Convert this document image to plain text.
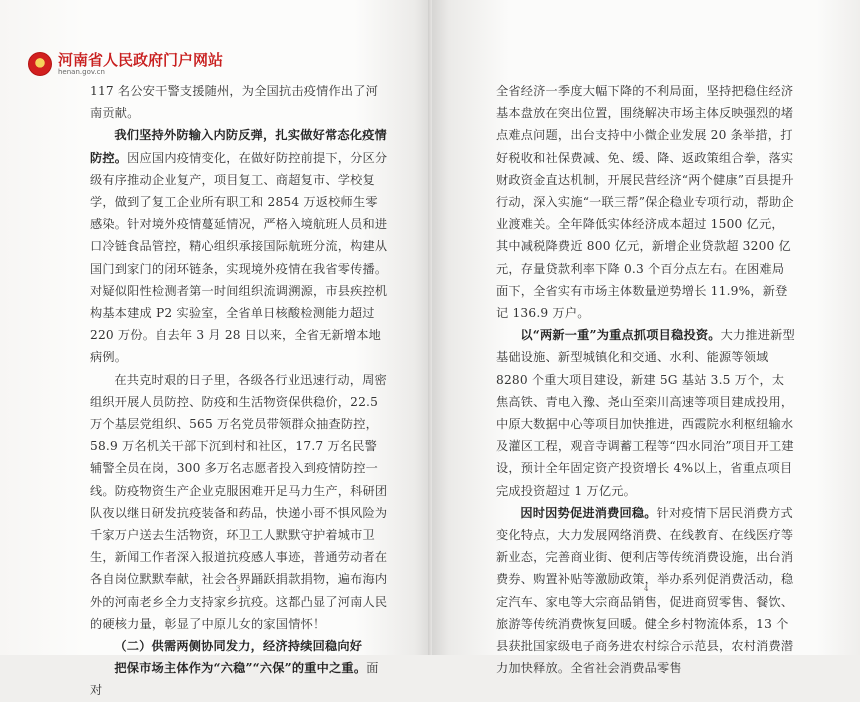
河南省人民政府门户网站
henan.gov.cn

117 名公安干警支援随州，为全国抗击疫情作出了河南贡献。

我们坚持外防输入内防反弹，扎实做好常态化疫情防控。因应国内疫情变化，在做好防控前提下，分区分级有序推动企业复产，项目复工、商超复市、学校复学，做到了复工企业所有职工和 2854 万返校师生零感染。针对境外疫情蔓延情况，严格入境航班人员和进口冷链食品管控，精心组织承接国际航班分流，构建从国门到家门的闭环链条，实现境外疫情在我省零传播。对疑似阳性检测者第一时间组织流调溯源，市县疾控机构基本建成 P2 实验室，全省单日核酸检测能力超过 220 万份。自去年 3 月 28 日以来，全省无新增本地病例。

在共克时艰的日子里，各级各行业迅速行动，周密组织开展人员防控、防疫和生活物资保供稳价，22.5 万个基层党组织、565 万名党员带领群众抽查防控，58.9 万名机关干部下沉到村和社区，17.7 万名民警辅警全员在岗，300 多万名志愿者投入到疫情防控一线。防疫物资生产企业克服困难开足马力生产，科研团队夜以继日研发抗疫装备和药品，快递小哥不惧风险为千家万户送去生活物资，环卫工人默默守护着城市卫生，新闻工作者深入报道抗疫感人事迹，普通劳动者在各自岗位默默奉献，社会各界踊跃捐款捐物，遍布海内外的河南老乡全力支持家乡抗疫。这都凸显了河南人民的硬核力量，彰显了中原儿女的家国情怀！

（二）供需两侧协同发力，经济持续回稳向好

把保市场主体作为“六稳”“六保”的重中之重。面对

3

全省经济一季度大幅下降的不利局面，坚持把稳住经济基本盘放在突出位置，围绕解决市场主体反映强烈的堵点难点问题，出台支持中小微企业发展 20 条举措，打好税收和社保费减、免、缓、降、返政策组合拳，落实财政资金直达机制，开展民营经济“两个健康”百县提升行动，深入实施“一联三帮”保企稳业专项行动，帮助企业渡难关。全年降低实体经济成本超过 1500 亿元，其中减税降费近 800 亿元，新增企业贷款超 3200 亿元，存量贷款利率下降 0.3 个百分点左右。在困难局面下，全省实有市场主体数量逆势增长 11.9%，新登记 136.9 万户。

以“两新一重”为重点抓项目稳投资。大力推进新型基础设施、新型城镇化和交通、水利、能源等领域 8280 个重大项目建设，新建 5G 基站 3.5 万个，太焦高铁、青电入豫、尧山至栾川高速等项目建成投用，中原大数据中心等项目加快推进，西霞院水利枢纽输水及灌区工程，观音寺调蓄工程等“四水同治”项目开工建设，预计全年固定资产投资增长 4%以上，省重点项目完成投资超过 1 万亿元。

因时因势促进消费回稳。针对疫情下居民消费方式变化特点，大力发展网络消费、在线教育、在线医疗等新业态，完善商业街、便利店等传统消费设施，出台消费券、购置补贴等激励政策，举办系列促消费活动，稳定汽车、家电等大宗商品销售，促进商贸零售、餐饮、旅游等传统消费恢复回暖。健全乡村物流体系，13 个县获批国家级电子商务进农村综合示范县，农村消费潜力加快释放。全省社会消费品零售

4
